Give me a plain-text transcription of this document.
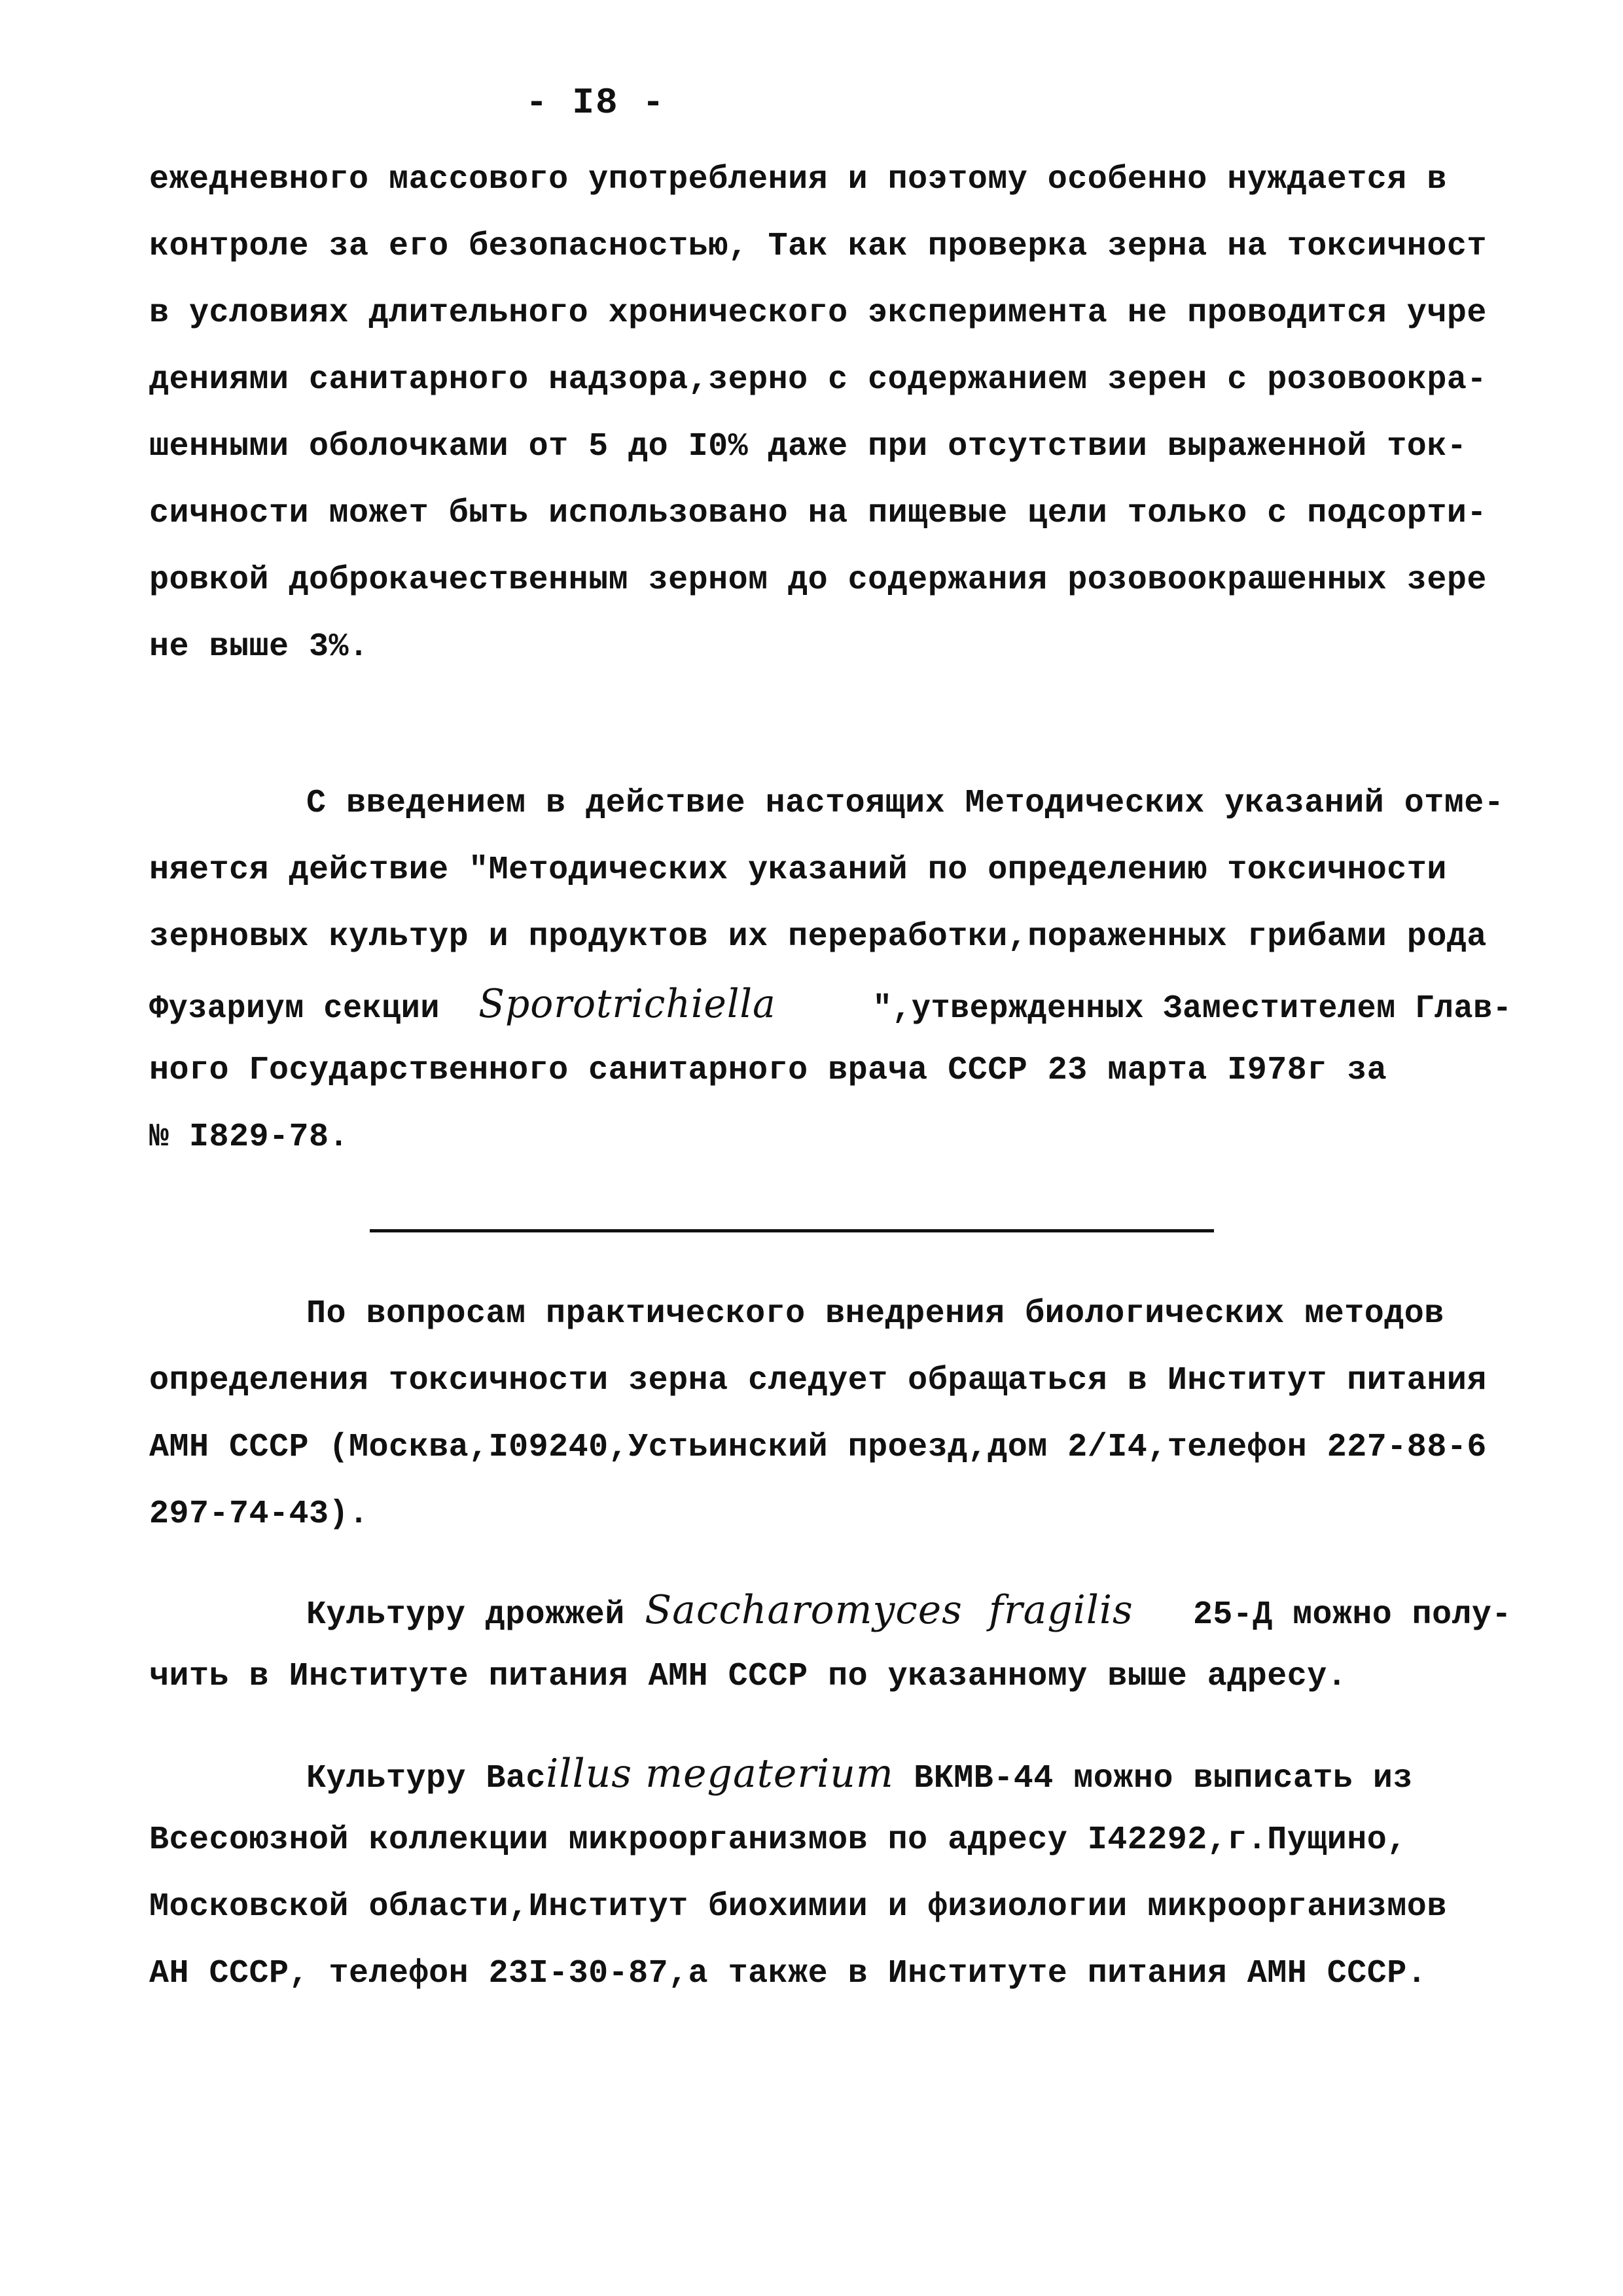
- I8 -
ежедневного массового употребления и поэтому особенно нуждается в
контроле за его безопасностью, Так как проверка зерна на токсичност
в условиях длительного хронического эксперимента не проводится учре
дениями санитарного надзора,зерно с содержанием зерен с розовоокра-
шенными оболочками от 5 до I0% даже при отсутствии выраженной ток-
сичности может быть использовано на пищевые цели только с подсорти-
ровкой доброкачественным зерном до содержания розовоокрашенных зере
не выше 3%.
С введением в действие настоящих Методических указаний отме-
няется действие "Методических указаний по определению токсичности
зерновых культур и продуктов их переработки,пораженных грибами рода
Фузариум секции Sporotrichiella	",утвержденных Заместителем Глав-
ного Государственного санитарного врача СССР 23 марта I978г за
№ I829-78.
По вопросам практического внедрения биологических методов
определения токсичности зерна следует обращаться в Институт питания
АМН СССР (Москва,I09240,Устьинский проезд,дом 2/I4,телефон 227-88-6
297-74-43).
Культуру дрожжей Saccharomyces  fragilis 25-Д можно полу-
чить в Институте питания АМН СССР по указанному выше адресу.
Культуру Bacillus megaterium ВКМВ-44 можно выписать из
Всесоюзной коллекции микроорганизмов по адресу I42292,г.Пущино,
Московской области,Институт биохимии и физиологии микроорганизмов
АН СССР, телефон 23I-30-87,а также в Институте питания АМН СССР.
